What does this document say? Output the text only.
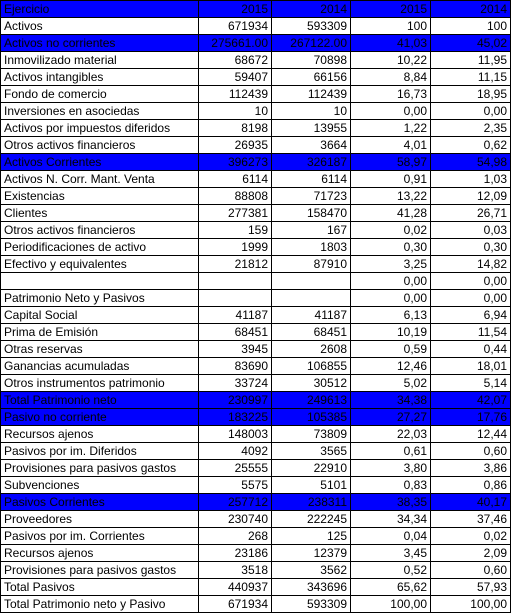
Ejercicio	2015	2014	2015	2014
Activos	671934	593309	100	100
Activos no corrientes	275661.00	267122.00	41,03	45,02
Inmovilizado material	68672	70898	10,22	11,95
Activos intangibles	59407	66156	8,84	11,15
Fondo de comercio	112439	112439	16,73	18,95
Inversiones en asociedas	10	10	0,00	0,00
Activos por impuestos diferidos	8198	13955	1,22	2,35
Otros activos financieros	26935	3664	4,01	0,62
Activos Corrientes	396273	326187	58,97	54,98
Activos N. Corr. Mant. Venta	6114	6114	0,91	1,03
Existencias	88808	71723	13,22	12,09
Clientes	277381	158470	41,28	26,71
Otros activos financieros	159	167	0,02	0,03
Periodificaciones de activo	1999	1803	0,30	0,30
Efectivo y equivalentes	21812	87910	3,25	14,82
			0,00	0,00
Patrimonio Neto y Pasivos			0,00	0,00
Capital Social	41187	41187	6,13	6,94
Prima de Emisión	68451	68451	10,19	11,54
Otras reservas	3945	2608	0,59	0,44
Ganancias acumuladas	83690	106855	12,46	18,01
Otros instrumentos patrimonio	33724	30512	5,02	5,14
Total Patrimonio neto	230997	249613	34,38	42,07
Pasivo no corriente	183225	105385	27,27	17,76
Recursos ajenos	148003	73809	22,03	12,44
Pasivos por im. Diferidos	4092	3565	0,61	0,60
Provisiones para pasivos gastos	25555	22910	3,80	3,86
Subvenciones	5575	5101	0,83	0,86
Pasivos Corrientes	257712	238311	38,35	40,17
Proveedores	230740	222245	34,34	37,46
Pasivos por im. Corrientes	268	125	0,04	0,02
Recursos ajenos	23186	12379	3,45	2,09
Provisiones para pasivos gastos	3518	3562	0,52	0,60
Total Pasivos	440937	343696	65,62	57,93
Total Patrimonio neto y Pasivo	671934	593309	100,00	100,00
